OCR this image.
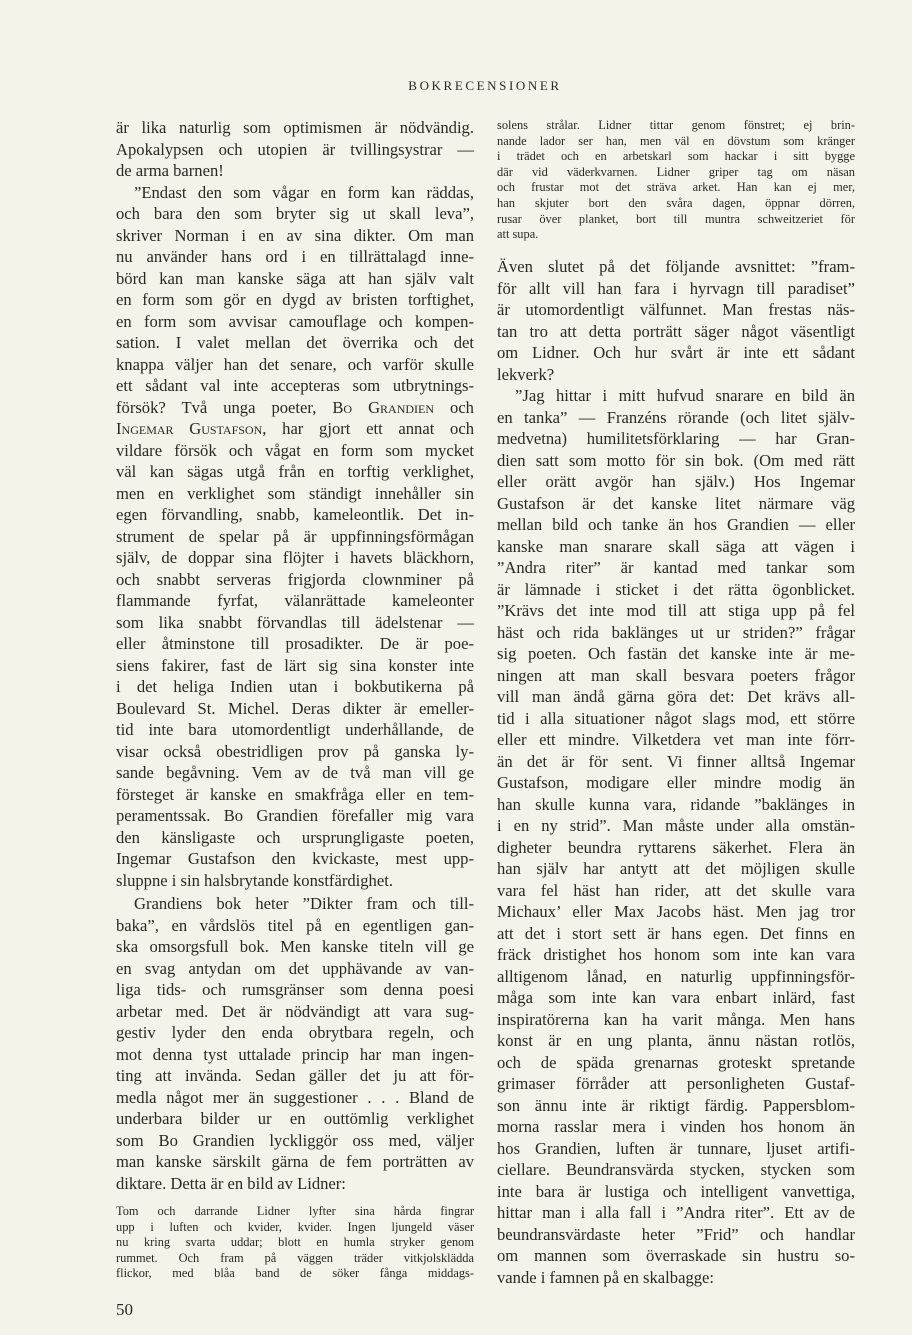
BOKRECENSIONER
är lika naturlig som optimismen är nödvändig.
Apokalypsen och utopien är tvillingsystrar —
de arma barnen!
”Endast den som vågar en form kan räddas,
och bara den som bryter sig ut skall leva”,
skriver Norman i en av sina dikter. Om man
nu använder hans ord i en tillrättalagd inne-
börd kan man kanske säga att han själv valt
en form som gör en dygd av bristen torftighet,
en form som avvisar camouflage och kompen-
sation. I valet mellan det överrika och det
knappa väljer han det senare, och varför skulle
ett sådant val inte accepteras som utbrytnings-
försök? Två unga poeter, Bo Grandien och
Ingemar Gustafson, har gjort ett annat och
vildare försök och vågat en form som mycket
väl kan sägas utgå från en torftig verklighet,
men en verklighet som ständigt innehåller sin
egen förvandling, snabb, kameleontlik. Det in-
strument de spelar på är uppfinningsförmågan
själv, de doppar sina flöjter i havets bläckhorn,
och snabbt serveras frigjorda clownminer på
flammande fyrfat, välanrättade kameleonter
som lika snabbt förvandlas till ädelstenar —
eller åtminstone till prosadikter. De är poe-
siens fakirer, fast de lärt sig sina konster inte
i det heliga Indien utan i bokbutikerna på
Boulevard St. Michel. Deras dikter är emeller-
tid inte bara utomordentligt underhållande, de
visar också obestridligen prov på ganska ly-
sande begåvning. Vem av de två man vill ge
försteget är kanske en smakfråga eller en tem-
peramentssak. Bo Grandien förefaller mig vara
den känsligaste och ursprungligaste poeten,
Ingemar Gustafson den kvickaste, mest upp-
sluppne i sin halsbrytande konstfärdighet.
Grandiens bok heter ”Dikter fram och till-
baka”, en vårdslös titel på en egentligen gan-
ska omsorgsfull bok. Men kanske titeln vill ge
en svag antydan om det upphävande av van-
liga tids- och rumsgränser som denna poesi
arbetar med. Det är nödvändigt att vara sug-
gestiv lyder den enda obrytbara regeln, och
mot denna tyst uttalade princip har man ingen-
ting att invända. Sedan gäller det ju att för-
medla något mer än suggestioner . . . Bland de
underbara bilder ur en outtömlig verklighet
som Bo Grandien lyckliggör oss med, väljer
man kanske särskilt gärna de fem porträtten av
diktare. Detta är en bild av Lidner:
Tom och darrande Lidner lyfter sina hårda fingrar
upp i luften och kvider, kvider. Ingen ljungeld väser
nu kring svarta uddar; blott en humla stryker genom
rummet. Och fram på väggen träder vitkjolsklädda
flickor, med blåa band de söker fånga middags-
solens strålar. Lidner tittar genom fönstret; ej brin-
nande lador ser han, men väl en dövstum som kränger
i trädet och en arbetskarl som hackar i sitt bygge
där vid väderkvarnen. Lidner griper tag om näsan
och frustar mot det sträva arket. Han kan ej mer,
han skjuter bort den svåra dagen, öppnar dörren,
rusar över planket, bort till muntra schweitzeriet för
att supa.
Även slutet på det följande avsnittet: ”fram-
för allt vill han fara i hyrvagn till paradiset”
är utomordentligt välfunnet. Man frestas näs-
tan tro att detta porträtt säger något väsentligt
om Lidner. Och hur svårt är inte ett sådant
lekverk?
”Jag hittar i mitt hufvud snarare en bild än
en tanka” — Franzéns rörande (och litet själv-
medvetna) humilitetsförklaring — har Gran-
dien satt som motto för sin bok. (Om med rätt
eller orätt avgör han själv.) Hos Ingemar
Gustafson är det kanske litet närmare väg
mellan bild och tanke än hos Grandien — eller
kanske man snarare skall säga att vägen i
”Andra riter” är kantad med tankar som
är lämnade i sticket i det rätta ögonblicket.
”Krävs det inte mod till att stiga upp på fel
häst och rida baklänges ut ur striden?” frågar
sig poeten. Och fastän det kanske inte är me-
ningen att man skall besvara poeters frågor
vill man ändå gärna göra det: Det krävs all-
tid i alla situationer något slags mod, ett större
eller ett mindre. Vilketdera vet man inte förr-
än det är för sent. Vi finner alltså Ingemar
Gustafson, modigare eller mindre modig än
han skulle kunna vara, ridande ”baklänges in
i en ny strid”. Man måste under alla omstän-
digheter beundra ryttarens säkerhet. Flera än
han själv har antytt att det möjligen skulle
vara fel häst han rider, att det skulle vara
Michaux’ eller Max Jacobs häst. Men jag tror
att det i stort sett är hans egen. Det finns en
fräck dristighet hos honom som inte kan vara
alltigenom lånad, en naturlig uppfinningsför-
måga som inte kan vara enbart inlärd, fast
inspiratörerna kan ha varit många. Men hans
konst är en ung planta, ännu nästan rotlös,
och de späda grenarnas groteskt spretande
grimaser förråder att personligheten Gustaf-
son ännu inte är riktigt färdig. Pappersblom-
morna rasslar mera i vinden hos honom än
hos Grandien, luften är tunnare, ljuset artifi-
ciellare. Beundransvärda stycken, stycken som
inte bara är lustiga och intelligent vanvettiga,
hittar man i alla fall i ”Andra riter”. Ett av de
beundransvärdaste heter ”Frid” och handlar
om mannen som överraskade sin hustru so-
vande i famnen på en skalbagge:
50
